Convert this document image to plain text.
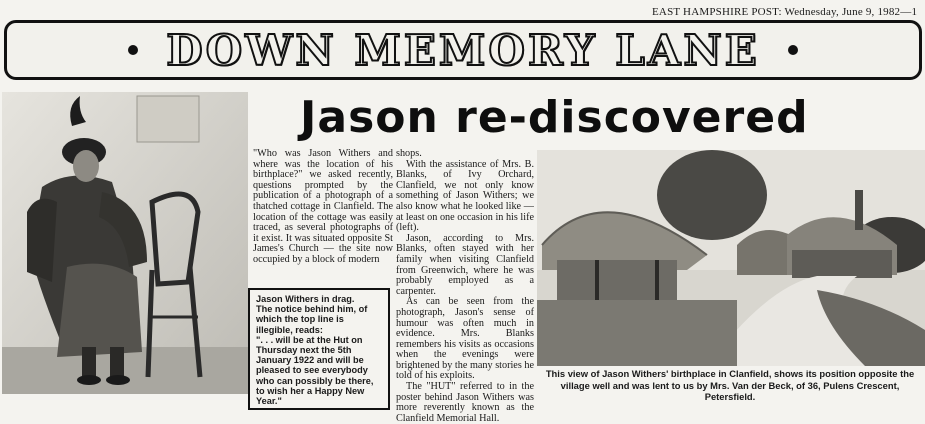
EAST HAMPSHIRE POST: Wednesday, June 9, 1982—1
DOWN MEMORY LANE
Jason re-discovered

"Who was Jason Withers and where was the location of his birthplace?" we asked recently, questions prompted by the publication of a photograph of a thatched cottage in Clanfield. The location of the cottage was easily traced, as several photographs of it exist. It was situated opposite St James's Church — the site now occupied by a block of modern

shops.

With the assistance of Mrs. B. Blanks, of Ivy Orchard, Clanfield, we not only know something of Jason Withers; we also know what he looked like — at least on one occasion in his life (left).

Jason, according to Mrs. Blanks, often stayed with her family when visiting Clanfield from Greenwich, where he was probably employed as a carpenter.

As can be seen from the photograph, Jason's sense of humour was often much in evidence. Mrs. Blanks remembers his visits as occasions when the evenings were brightened by the many stories he told of his exploits.

The "HUT" referred to in the poster behind Jason Withers was more reverently known as the Clanfield Memorial Hall.

Jason Withers in drag.
The notice behind him, of which the top line is illegible, reads:
". . . will be at the Hut on Thursday next the 5th January 1922 and will be pleased to see everybody who can possibly be there, to wish her a Happy New Year."
This view of Jason Withers' birthplace in Clanfield, shows its position opposite the village well and was lent to us by Mrs. Van der Beck, of 36, Pulens Crescent, Petersfield.
